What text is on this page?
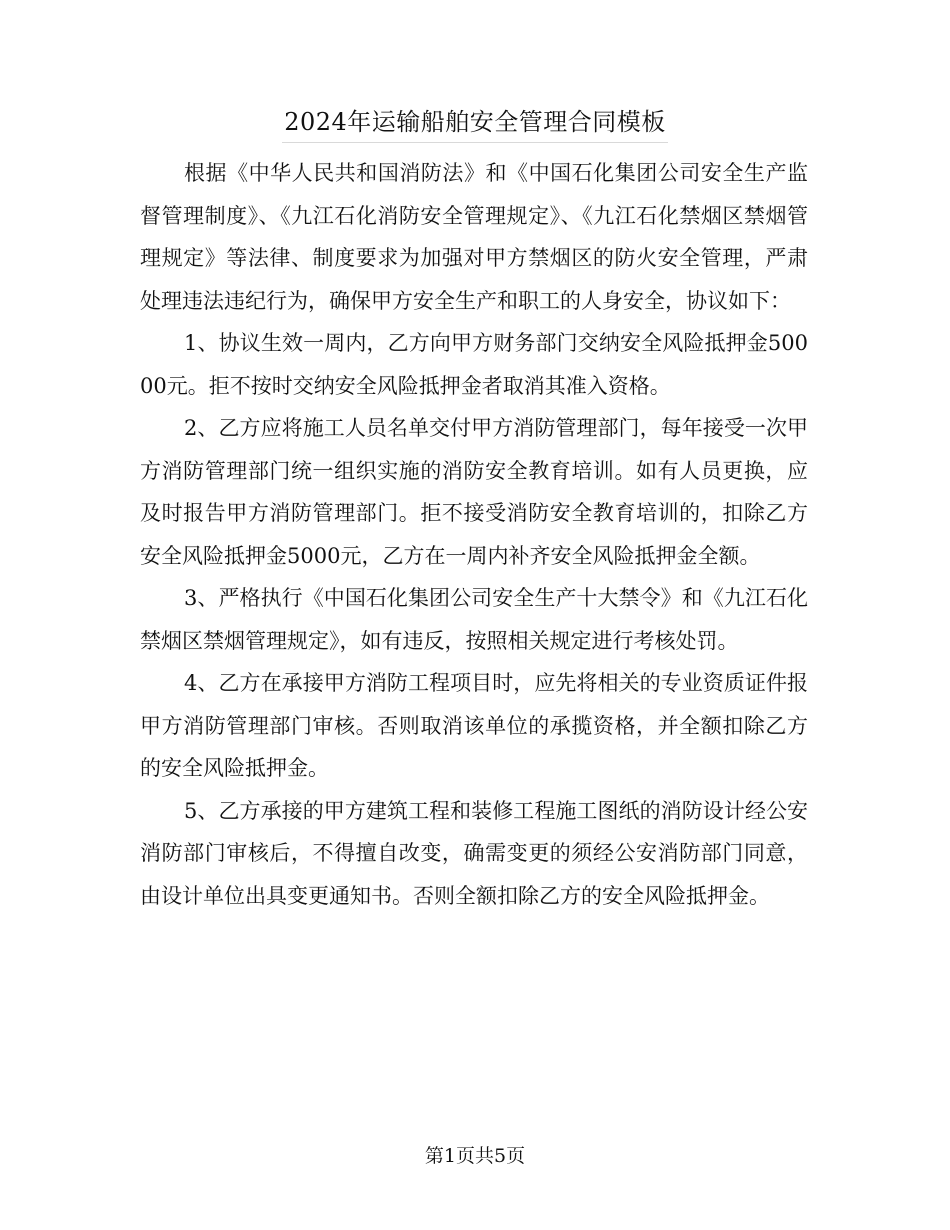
2024年运输船舶安全管理合同模板

根据《中华人民共和国消防法》和《中国石化集团公司安全生产监督管理制度》、《九江石化消防安全管理规定》、《九江石化禁烟区禁烟管理规定》等法律、制度要求为加强对甲方禁烟区的防火安全管理，严肃处理违法违纪行为，确保甲方安全生产和职工的人身安全，协议如下：

1、协议生效一周内，乙方向甲方财务部门交纳安全风险抵押金50000元。拒不按时交纳安全风险抵押金者取消其准入资格。

2、乙方应将施工人员名单交付甲方消防管理部门，每年接受一次甲方消防管理部门统一组织实施的消防安全教育培训。如有人员更换，应及时报告甲方消防管理部门。拒不接受消防安全教育培训的，扣除乙方安全风险抵押金5000元，乙方在一周内补齐安全风险抵押金全额。

3、严格执行《中国石化集团公司安全生产十大禁令》和《九江石化禁烟区禁烟管理规定》，如有违反，按照相关规定进行考核处罚。

4、乙方在承接甲方消防工程项目时，应先将相关的专业资质证件报甲方消防管理部门审核。否则取消该单位的承揽资格，并全额扣除乙方的安全风险抵押金。

5、乙方承接的甲方建筑工程和装修工程施工图纸的消防设计经公安消防部门审核后，不得擅自改变，确需变更的须经公安消防部门同意，由设计单位出具变更通知书。否则全额扣除乙方的安全风险抵押金。

第1页共5页
